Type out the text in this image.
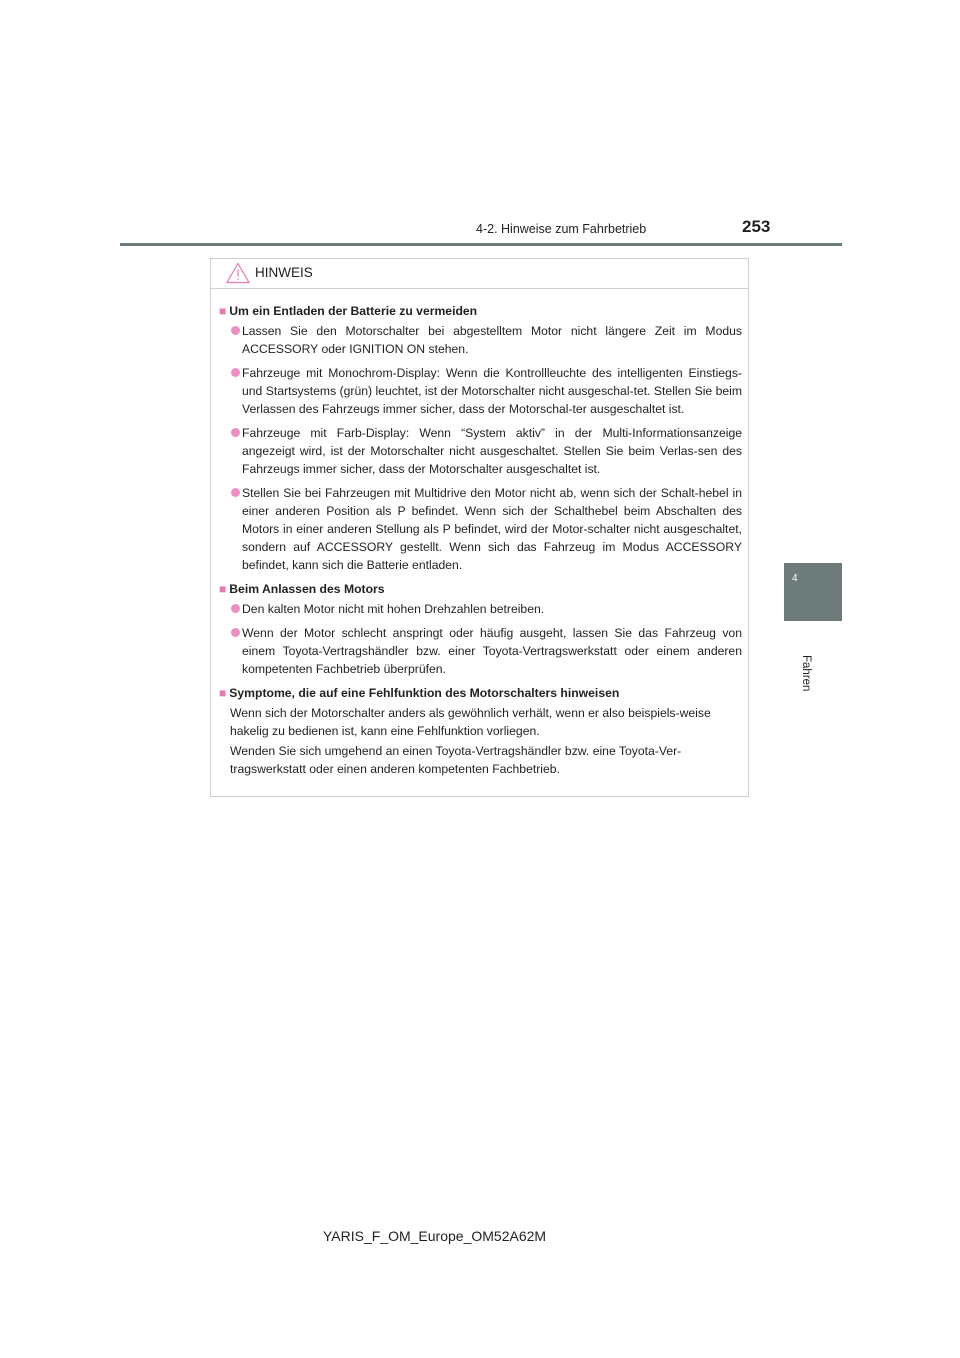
4-2. Hinweise zum Fahrbetrieb	253
4
Fahren
HINWEIS
■ Um ein Entladen der Batterie zu vermeiden
Lassen Sie den Motorschalter bei abgestelltem Motor nicht längere Zeit im Modus ACCESSORY oder IGNITION ON stehen.
Fahrzeuge mit Monochrom-Display: Wenn die Kontrollleuchte des intelligenten Einstiegs- und Startsystems (grün) leuchtet, ist der Motorschalter nicht ausgeschal-tet. Stellen Sie beim Verlassen des Fahrzeugs immer sicher, dass der Motorschal-ter ausgeschaltet ist.
Fahrzeuge mit Farb-Display: Wenn “System aktiv” in der Multi-Informationsanzeige angezeigt wird, ist der Motorschalter nicht ausgeschaltet. Stellen Sie beim Verlas-sen des Fahrzeugs immer sicher, dass der Motorschalter ausgeschaltet ist.
Stellen Sie bei Fahrzeugen mit Multidrive den Motor nicht ab, wenn sich der Schalt-hebel in einer anderen Position als P befindet. Wenn sich der Schalthebel beim Abschalten des Motors in einer anderen Stellung als P befindet, wird der Motor-schalter nicht ausgeschaltet, sondern auf ACCESSORY gestellt. Wenn sich das Fahrzeug im Modus ACCESSORY befindet, kann sich die Batterie entladen.
■ Beim Anlassen des Motors
Den kalten Motor nicht mit hohen Drehzahlen betreiben.
Wenn der Motor schlecht anspringt oder häufig ausgeht, lassen Sie das Fahrzeug von einem Toyota-Vertragshändler bzw. einer Toyota-Vertragswerkstatt oder einem anderen kompetenten Fachbetrieb überprüfen.
■ Symptome, die auf eine Fehlfunktion des Motorschalters hinweisen
Wenn sich der Motorschalter anders als gewöhnlich verhält, wenn er also beispiels-weise hakelig zu bedienen ist, kann eine Fehlfunktion vorliegen.
Wenden Sie sich umgehend an einen Toyota-Vertragshändler bzw. eine Toyota-Ver-tragswerkstatt oder einen anderen kompetenten Fachbetrieb.
YARIS_F_OM_Europe_OM52A62M
